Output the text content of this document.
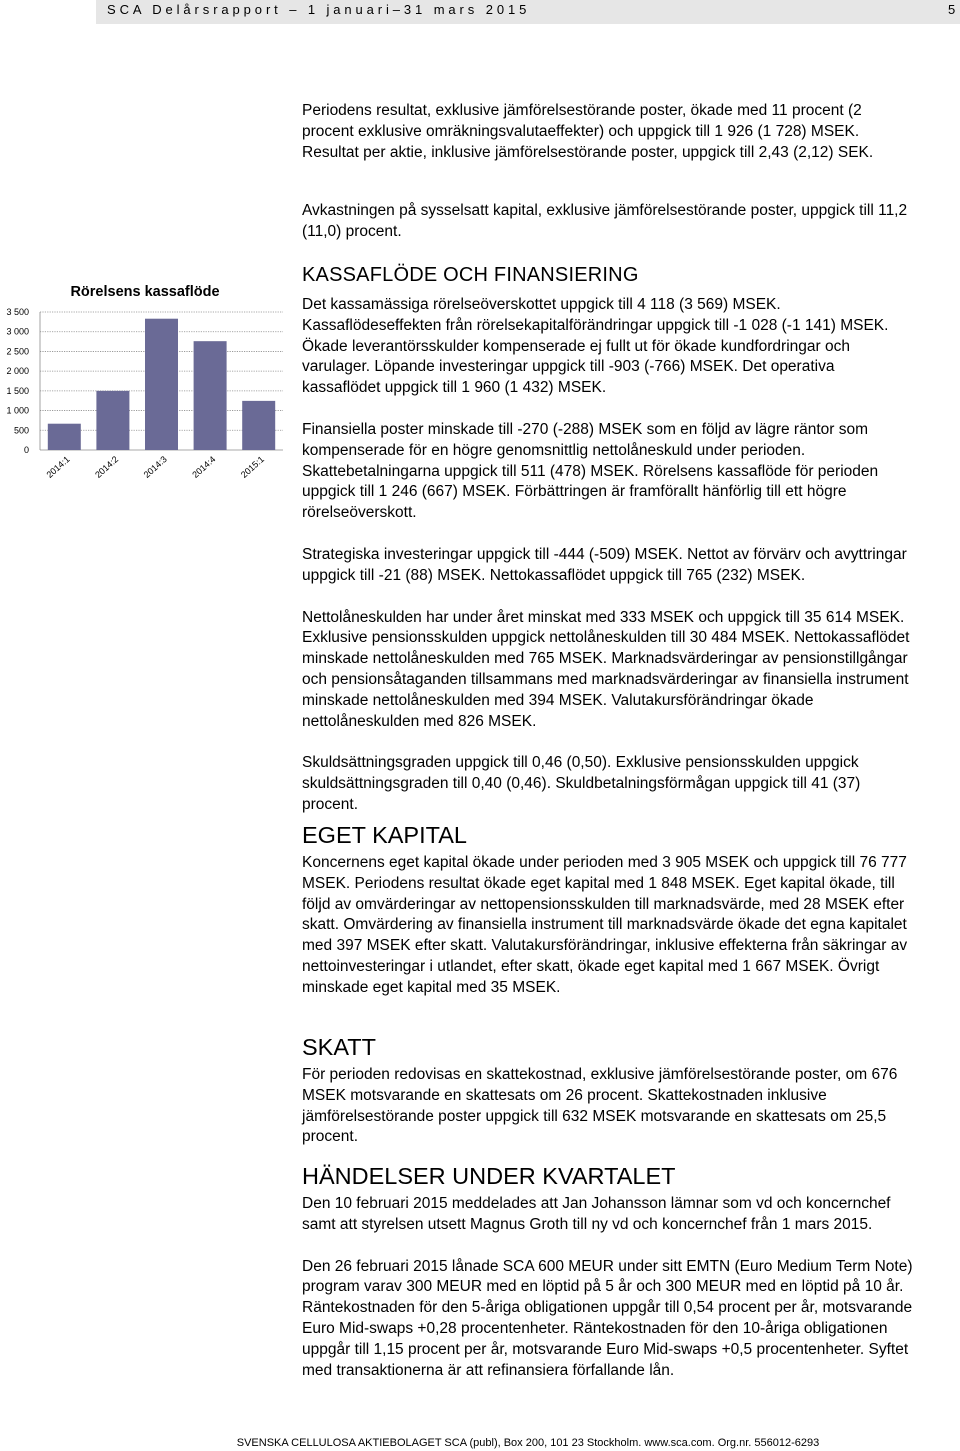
SCA Delårsrapport – 1 januari–31 mars 2015	5

Periodens resultat, exklusive jämförelsestörande poster, ökade med 11 procent (2 procent exklusive omräkningsvalutaeffekter) och uppgick till 1 926 (1 728) MSEK. Resultat per aktie, inklusive jämförelsestörande poster, uppgick till 2,43 (2,12) SEK.

Avkastningen på sysselsatt kapital, exklusive jämförelsestörande poster, uppgick till 11,2 (11,0) procent.

Rörelsens kassaflöde
0
500
1 000
1 500
2 000
2 500
3 000
3 500
2014:1 2014:2 2014:3 2014:4 2015:1
KASSAFLÖDE OCH FINANSIERING

Det kassamässiga rörelseöverskottet uppgick till 4 118 (3 569) MSEK. Kassaflödeseffekten från rörelsekapitalförändringar uppgick till -1 028 (-1 141) MSEK. Ökade leverantörsskulder kompenserade ej fullt ut för ökade kundfordringar och varulager. Löpande investeringar uppgick till -903 (-766) MSEK. Det operativa kassaflödet uppgick till 1 960 (1 432) MSEK.

Finansiella poster minskade till -270 (-288) MSEK som en följd av lägre räntor som kompenserade för en högre genomsnittlig nettolåneskuld under perioden. Skattebetalningarna uppgick till 511 (478) MSEK. Rörelsens kassaflöde för perioden uppgick till 1 246 (667) MSEK. Förbättringen är framförallt hänförlig till ett högre rörelseöverskott.

Strategiska investeringar uppgick till -444 (-509) MSEK. Nettot av förvärv och avyttringar uppgick till -21 (88) MSEK. Nettokassaflödet uppgick till 765 (232) MSEK.

Nettolåneskulden har under året minskat med 333 MSEK och uppgick till 35 614 MSEK. Exklusive pensionsskulden uppgick nettolåneskulden till 30 484 MSEK. Nettokassaflödet minskade nettolåneskulden med 765 MSEK. Marknadsvärderingar av pensionstillgångar och pensionsåtaganden tillsammans med marknadsvärderingar av finansiella instrument minskade nettolåneskulden med 394 MSEK. Valutakursförändringar ökade nettolåneskulden med 826 MSEK.

Skuldsättningsgraden uppgick till 0,46 (0,50). Exklusive pensionsskulden uppgick skuldsättningsgraden till 0,40 (0,46). Skuldbetalningsförmågan uppgick till 41 (37) procent.

EGET KAPITAL

Koncernens eget kapital ökade under perioden med 3 905 MSEK och uppgick till 76 777 MSEK. Periodens resultat ökade eget kapital med 1 848 MSEK. Eget kapital ökade, till följd av omvärderingar av nettopensionsskulden till marknadsvärde, med 28 MSEK efter skatt. Omvärdering av finansiella instrument till marknadsvärde ökade det egna kapitalet med 397 MSEK efter skatt. Valutakursförändringar, inklusive effekterna från säkringar av nettoinvesteringar i utlandet, efter skatt, ökade eget kapital med 1 667 MSEK. Övrigt minskade eget kapital med 35 MSEK.

SKATT

För perioden redovisas en skattekostnad, exklusive jämförelsestörande poster, om 676 MSEK motsvarande en skattesats om 26 procent. Skattekostnaden inklusive jämförelsestörande poster uppgick till 632 MSEK motsvarande en skattesats om 25,5 procent.

HÄNDELSER UNDER KVARTALET

Den 10 februari 2015 meddelades att Jan Johansson lämnar som vd och koncernchef samt att styrelsen utsett Magnus Groth till ny vd och koncernchef från 1 mars 2015.

Den 26 februari 2015 lånade SCA 600 MEUR under sitt EMTN (Euro Medium Term Note) program varav 300 MEUR med en löptid på 5 år och 300 MEUR med en löptid på 10 år. Räntekostnaden för den 5-åriga obligationen uppgår till 0,54 procent per år, motsvarande Euro Mid-swaps +0,28 procentenheter. Räntekostnaden för den 10-åriga obligationen uppgår till 1,15 procent per år, motsvarande Euro Mid-swaps +0,5 procentenheter. Syftet med transaktionerna är att refinansiera förfallande lån.

SVENSKA CELLULOSA AKTIEBOLAGET SCA (publ), Box 200, 101 23 Stockholm. www.sca.com. Org.nr. 556012-6293
